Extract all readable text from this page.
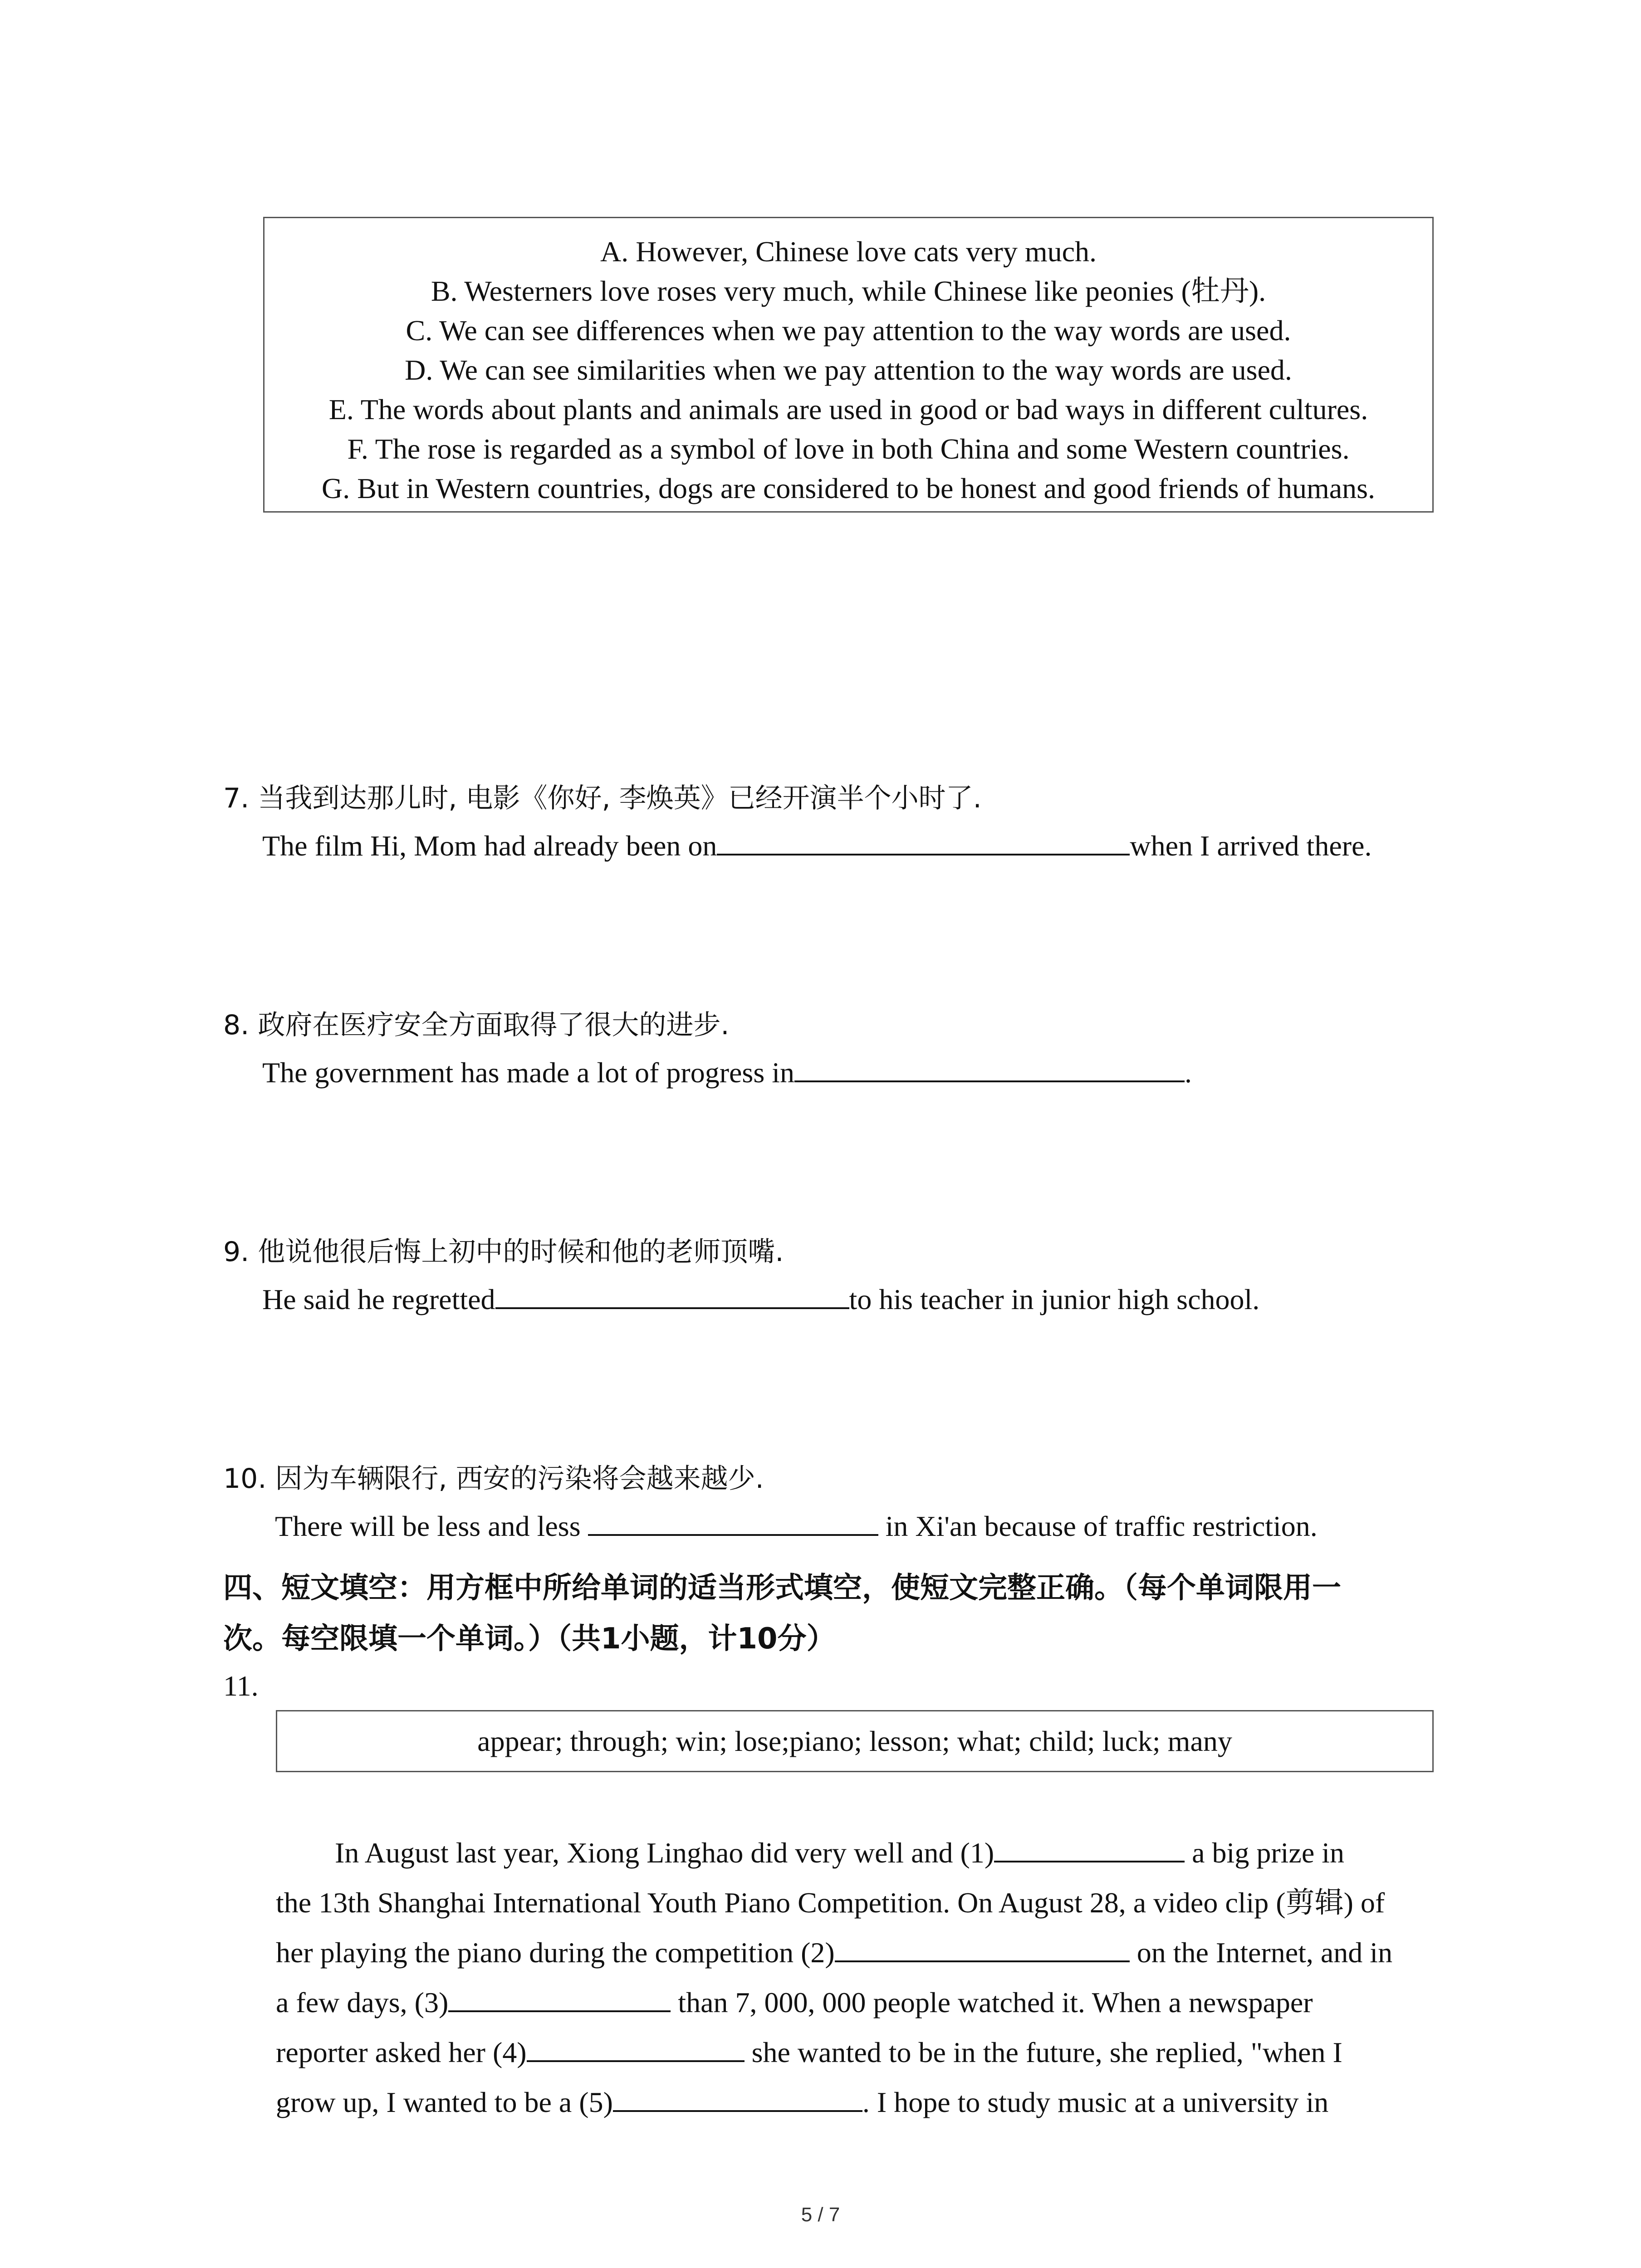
A. However, Chinese love cats very much.
B. Westerners love roses very much, while Chinese like peonies (牡丹).
C. We can see differences when we pay attention to the way words are used.
D. We can see similarities when we pay attention to the way words are used.
E. The words about plants and animals are used in good or bad ways in different cultures.
F. The rose is regarded as a symbol of love in both China and some Western countries.
G. But in Western countries, dogs are considered to be honest and good friends of humans.
7. 当我到达那儿时, 电影《你好, 李焕英》已经开演半个小时了.
The film Hi, Mom had already been on	when I arrived there.
8. 政府在医疗安全方面取得了很大的进步.
The government has made a lot of progress in	.
9. 他说他很后悔上初中的时候和他的老师顶嘴.
He said he regretted	to his teacher in junior high school.
10. 因为车辆限行, 西安的污染将会越来越少.
There will be less and less	in Xi'an because of traffic restriction.
四、短文填空：用方框中所给单词的适当形式填空，使短文完整正确。（每个单词限用一
次。每空限填一个单词。）（共1小题，计10分）
11.
appear; through; win; lose;piano; lesson; what; child; luck; many
In August last year, Xiong Linghao did very well and (1)	a big prize in
the 13th Shanghai International Youth Piano Competition. On August 28, a video clip (剪辑) of
her playing the piano during the competition (2)	on the Internet, and in
a few days, (3)	than 7, 000, 000 people watched it. When a newspaper
reporter asked her (4)	she wanted to be in the future, she replied, "when I
grow up, I wanted to be a (5)	. I hope to study music at a university in
5 / 7
